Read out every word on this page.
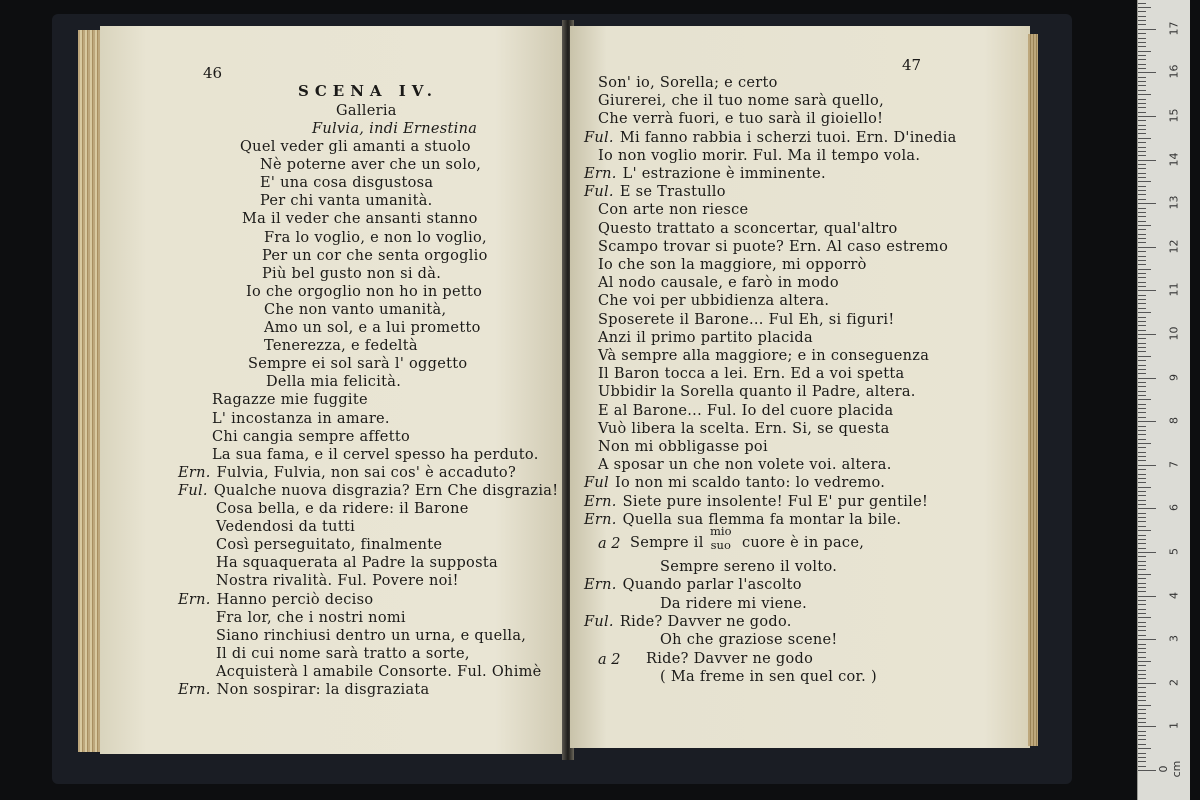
46
SCENA IV.
Galleria
Fulvia, indi Ernestina
Quel veder gli amanti a stuolo
Nè poterne aver che un solo,
E' una cosa disgustosa
Per chi vanta umanità.
Ma il veder che ansanti stanno
Fra lo voglio, e non lo voglio,
Per un cor che senta orgoglio
Più bel gusto non si dà.
Io che orgoglio non ho in petto
Che non vanto umanità,
Amo un sol, e a lui prometto
Tenerezza, e fedeltà
Sempre ei sol sarà l' oggetto
Della mia felicità.
Ragazze mie fuggite
L' incostanza in amare.
Chi cangia sempre affetto
La sua fama, e il cervel spesso ha perduto.
Ern. Fulvia, Fulvia, non sai cos' è accaduto?
Ful. Qualche nuova disgrazia? Ern Che disgrazia!
Cosa bella, e da ridere: il Barone
Vedendosi da tutti
Così perseguitato, finalmente
Ha squaquerata al Padre la supposta
Nostra rivalità. Ful. Povere noi!
Ern. Hanno perciò deciso
Fra lor, che i nostri nomi
Siano rinchiusi dentro un urna, e quella,
Il di cui nome sarà tratto a sorte,
Acquisterà l amabile Consorte. Ful. Ohimè
Ern. Non sospirar: la disgraziata
47
Son' io, Sorella; e certo
Giurerei, che il tuo nome sarà quello,
Che verrà fuori, e tuo sarà il gioiello!
Ful. Mi fanno rabbia i scherzi tuoi. Ern. D'inedia
Io non voglio morir. Ful. Ma il tempo vola.
Ern. L' estrazione è imminente.
Ful. E se Trastullo
Con arte non riesce
Questo trattato a sconcertar, qual'altro
Scampo trovar si puote? Ern. Al caso estremo
Io che son la maggiore, mi opporrò
Al nodo causale, e farò in modo
Che voi per ubbidienza altera.
Sposerete il Barone... Ful Eh, si figuri!
Anzi il primo partito placida
Và sempre alla maggiore; e in conseguenza
Il Baron tocca a lei. Ern. Ed a voi spetta
Ubbidir la Sorella quanto il Padre, altera.
E al Barone... Ful. Io del cuore placida
Vuò libera la scelta. Ern. Si, se questa
Non mi obbligasse poi
A sposar un che non volete voi. altera.
Ful Io non mi scaldo tanto: lo vedremo.
Ern. Siete pure insolente! Ful E' pur gentile!
Ern. Quella sua flemma fa montar la bile.
a 2 Sempre il
mio
suo cuore è in pace,
Sempre sereno il volto.
Ern. Quando parlar l'ascolto
Da ridere mi viene.
Ful. Ride? Davver ne godo.
Oh che graziose scene!
a 2 Ride? Davver ne godo
( Ma freme in sen quel cor. )
1
2
3
4
5
6
7
8
9
10
11
12
13
14
15
16
17
0 cm
